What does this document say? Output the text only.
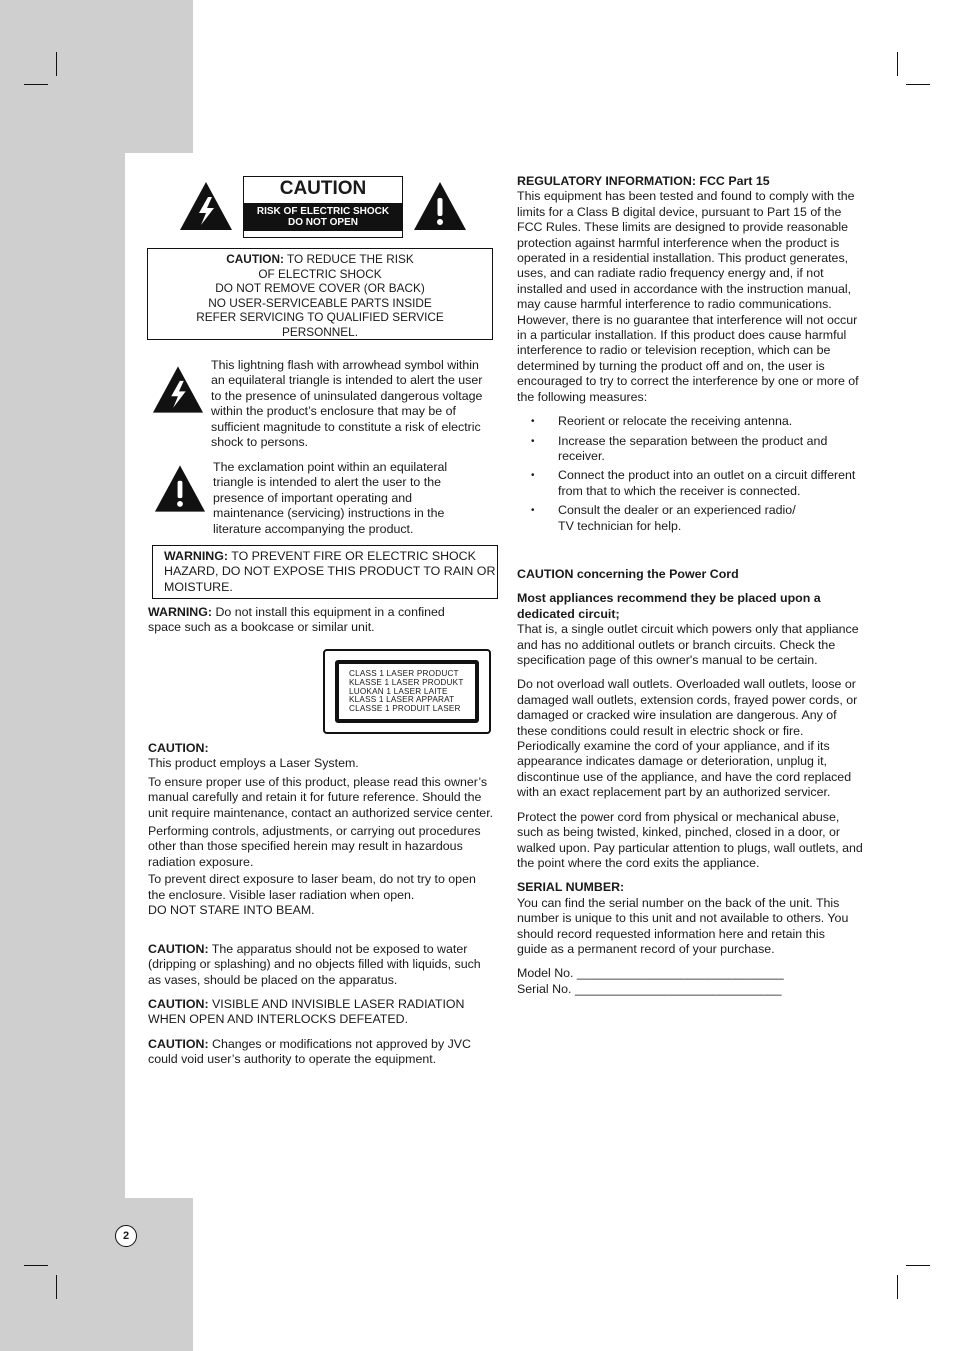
CAUTION
RISK OF ELECTRIC SHOCK
DO NOT OPEN
CAUTION: TO REDUCE THE RISK
OF ELECTRIC SHOCK
DO NOT REMOVE COVER (OR BACK)
NO USER-SERVICEABLE PARTS INSIDE
REFER SERVICING TO QUALIFIED SERVICE
PERSONNEL.

This lightning flash with arrowhead symbol within an equilateral triangle is intended to alert the user to the presence of uninsulated dangerous voltage within the product’s enclosure that may be of sufficient magnitude to constitute a risk of electric shock to persons.

The exclamation point within an equilateral triangle is intended to alert the user to the presence of important operating and maintenance (servicing) instructions in the literature accompanying the product.

WARNING: TO PREVENT FIRE OR ELECTRIC SHOCK HAZARD, DO NOT EXPOSE THIS PRODUCT TO RAIN OR MOISTURE.

WARNING: Do not install this equipment in a confined space such as a bookcase or similar unit.

CLASS 1 LASER PRODUCT
KLASSE 1 LASER PRODUKT
LUOKAN 1 LASER LAITE
KLASS 1 LASER APPARAT
CLASSE 1 PRODUIT LASER

CAUTION:

This product employs a Laser System.

To ensure proper use of this product, please read this owner’s manual carefully and retain it for future reference. Should the unit require maintenance, contact an authorized service center.

Performing controls, adjustments, or carrying out procedures other than those specified herein may result in hazardous radiation exposure.

To prevent direct exposure to laser beam, do not try to open the enclosure. Visible laser radiation when open.

DO NOT STARE INTO BEAM.

CAUTION: The apparatus should not be exposed to water (dripping or splashing) and no objects filled with liquids, such as vases, should be placed on the apparatus.

CAUTION: VISIBLE AND INVISIBLE LASER RADIATION WHEN OPEN AND INTERLOCKS DEFEATED.

CAUTION: Changes or modifications not approved by JVC could void user’s authority to operate the equipment.

REGULATORY INFORMATION: FCC Part 15

This equipment has been tested and found to comply with the limits for a Class B digital device, pursuant to Part 15 of the FCC Rules. These limits are designed to provide reasonable protection against harmful interference when the product is operated in a residential installation. This product generates, uses, and can radiate radio frequency energy and, if not installed and used in accordance with the instruction manual, may cause harmful interference to radio communications. However, there is no guarantee that interference will not occur in a particular installation. If this product does cause harmful interference to radio or television reception, which can be determined by turning the product off and on, the user is encouraged to try to correct the interference by one or more of the following measures:

• Reorient or relocate the receiving antenna.
• Increase the separation between the product and receiver.
• Connect the product into an outlet on a circuit different from that to which the receiver is connected.
• Consult the dealer or an experienced radio/ TV technician for help.

CAUTION concerning the Power Cord

Most appliances recommend they be placed upon a dedicated circuit;

That is, a single outlet circuit which powers only that appliance and has no additional outlets or branch circuits. Check the specification page of this owner's manual to be certain.

Do not overload wall outlets. Overloaded wall outlets, loose or damaged wall outlets, extension cords, frayed power cords, or damaged or cracked wire insulation are dangerous. Any of these conditions could result in electric shock or fire. Periodically examine the cord of your appliance, and if its appearance indicates damage or deterioration, unplug it, discontinue use of the appliance, and have the cord replaced with an exact replacement part by an authorized servicer.

Protect the power cord from physical or mechanical abuse, such as being twisted, kinked, pinched, closed in a door, or walked upon. Pay particular attention to plugs, wall outlets, and the point where the cord exits the appliance.

SERIAL NUMBER:

You can find the serial number on the back of the unit. This number is unique to this unit and not available to others. You should record requested information here and retain this guide as a permanent record of your purchase.

Model No. ______________________________

Serial No. ______________________________

2
